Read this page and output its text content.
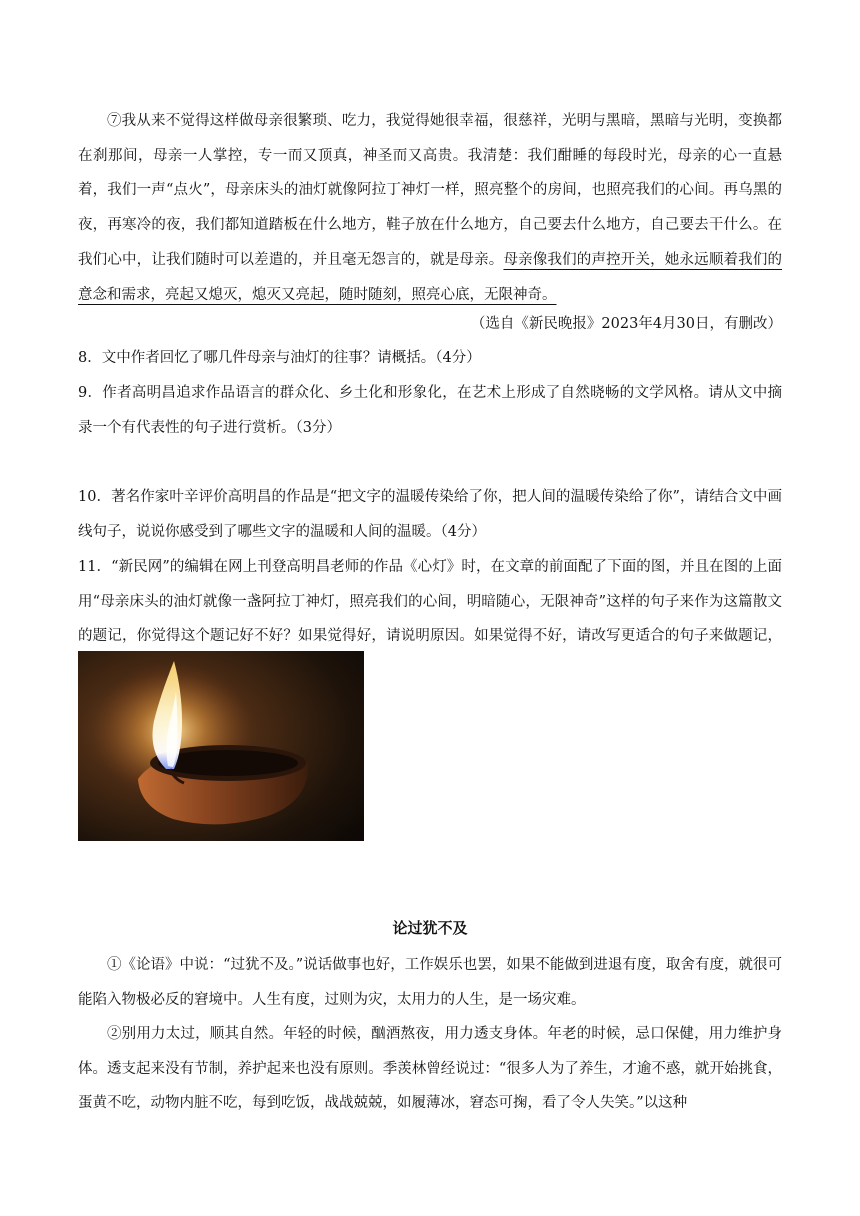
⑦我从来不觉得这样做母亲很繁琐、吃力，我觉得她很幸福，很慈祥，光明与黑暗，黑暗与光明，变换都在刹那间，母亲一人掌控，专一而又顶真，神圣而又高贵。我清楚：我们酣睡的每段时光，母亲的心一直悬着，我们一声“点火”，母亲床头的油灯就像阿拉丁神灯一样，照亮整个的房间，也照亮我们的心间。再乌黑的夜，再寒冷的夜，我们都知道踏板在什么地方，鞋子放在什么地方，自己要去什么地方，自己要去干什么。在我们心中，让我们随时可以差遣的，并且毫无怨言的，就是母亲。母亲像我们的声控开关，她永远顺着我们的意念和需求，亮起又熄灭，熄灭又亮起，随时随刻，照亮心底，无限神奇。

（选自《新民晚报》2023年4月30日，有删改）

8．文中作者回忆了哪几件母亲与油灯的往事？请概括。（4分）

9．作者高明昌追求作品语言的群众化、乡土化和形象化，在艺术上形成了自然晓畅的文学风格。请从文中摘录一个有代表性的句子进行赏析。（3分）

10．著名作家叶辛评价高明昌的作品是“把文字的温暖传染给了你，把人间的温暖传染给了你”，请结合文中画线句子，说说你感受到了哪些文字的温暖和人间的温暖。（4分）

11．“新民网”的编辑在网上刊登高明昌老师的作品《心灯》时，在文章的前面配了下面的图，并且在图的上面用“母亲床头的油灯就像一盏阿拉丁神灯，照亮我们的心间，明暗随心，无限神奇”这样的句子来作为这篇散文的题记，你觉得这个题记好不好？如果觉得好，请说明原因。如果觉得不好，请改写更适合的句子来做题记，

论过犹不及

①《论语》中说：“过犹不及。”说话做事也好，工作娱乐也罢，如果不能做到进退有度，取舍有度，就很可能陷入物极必反的窘境中。人生有度，过则为灾，太用力的人生，是一场灾难。

②别用力太过，顺其自然。年轻的时候，酗酒熬夜，用力透支身体。年老的时候，忌口保健，用力维护身体。透支起来没有节制，养护起来也没有原则。季羡林曾经说过：“很多人为了养生，才逾不惑，就开始挑食，蛋黄不吃，动物内脏不吃，每到吃饭，战战兢兢，如履薄冰，窘态可掬，看了令人失笑。”以这种
